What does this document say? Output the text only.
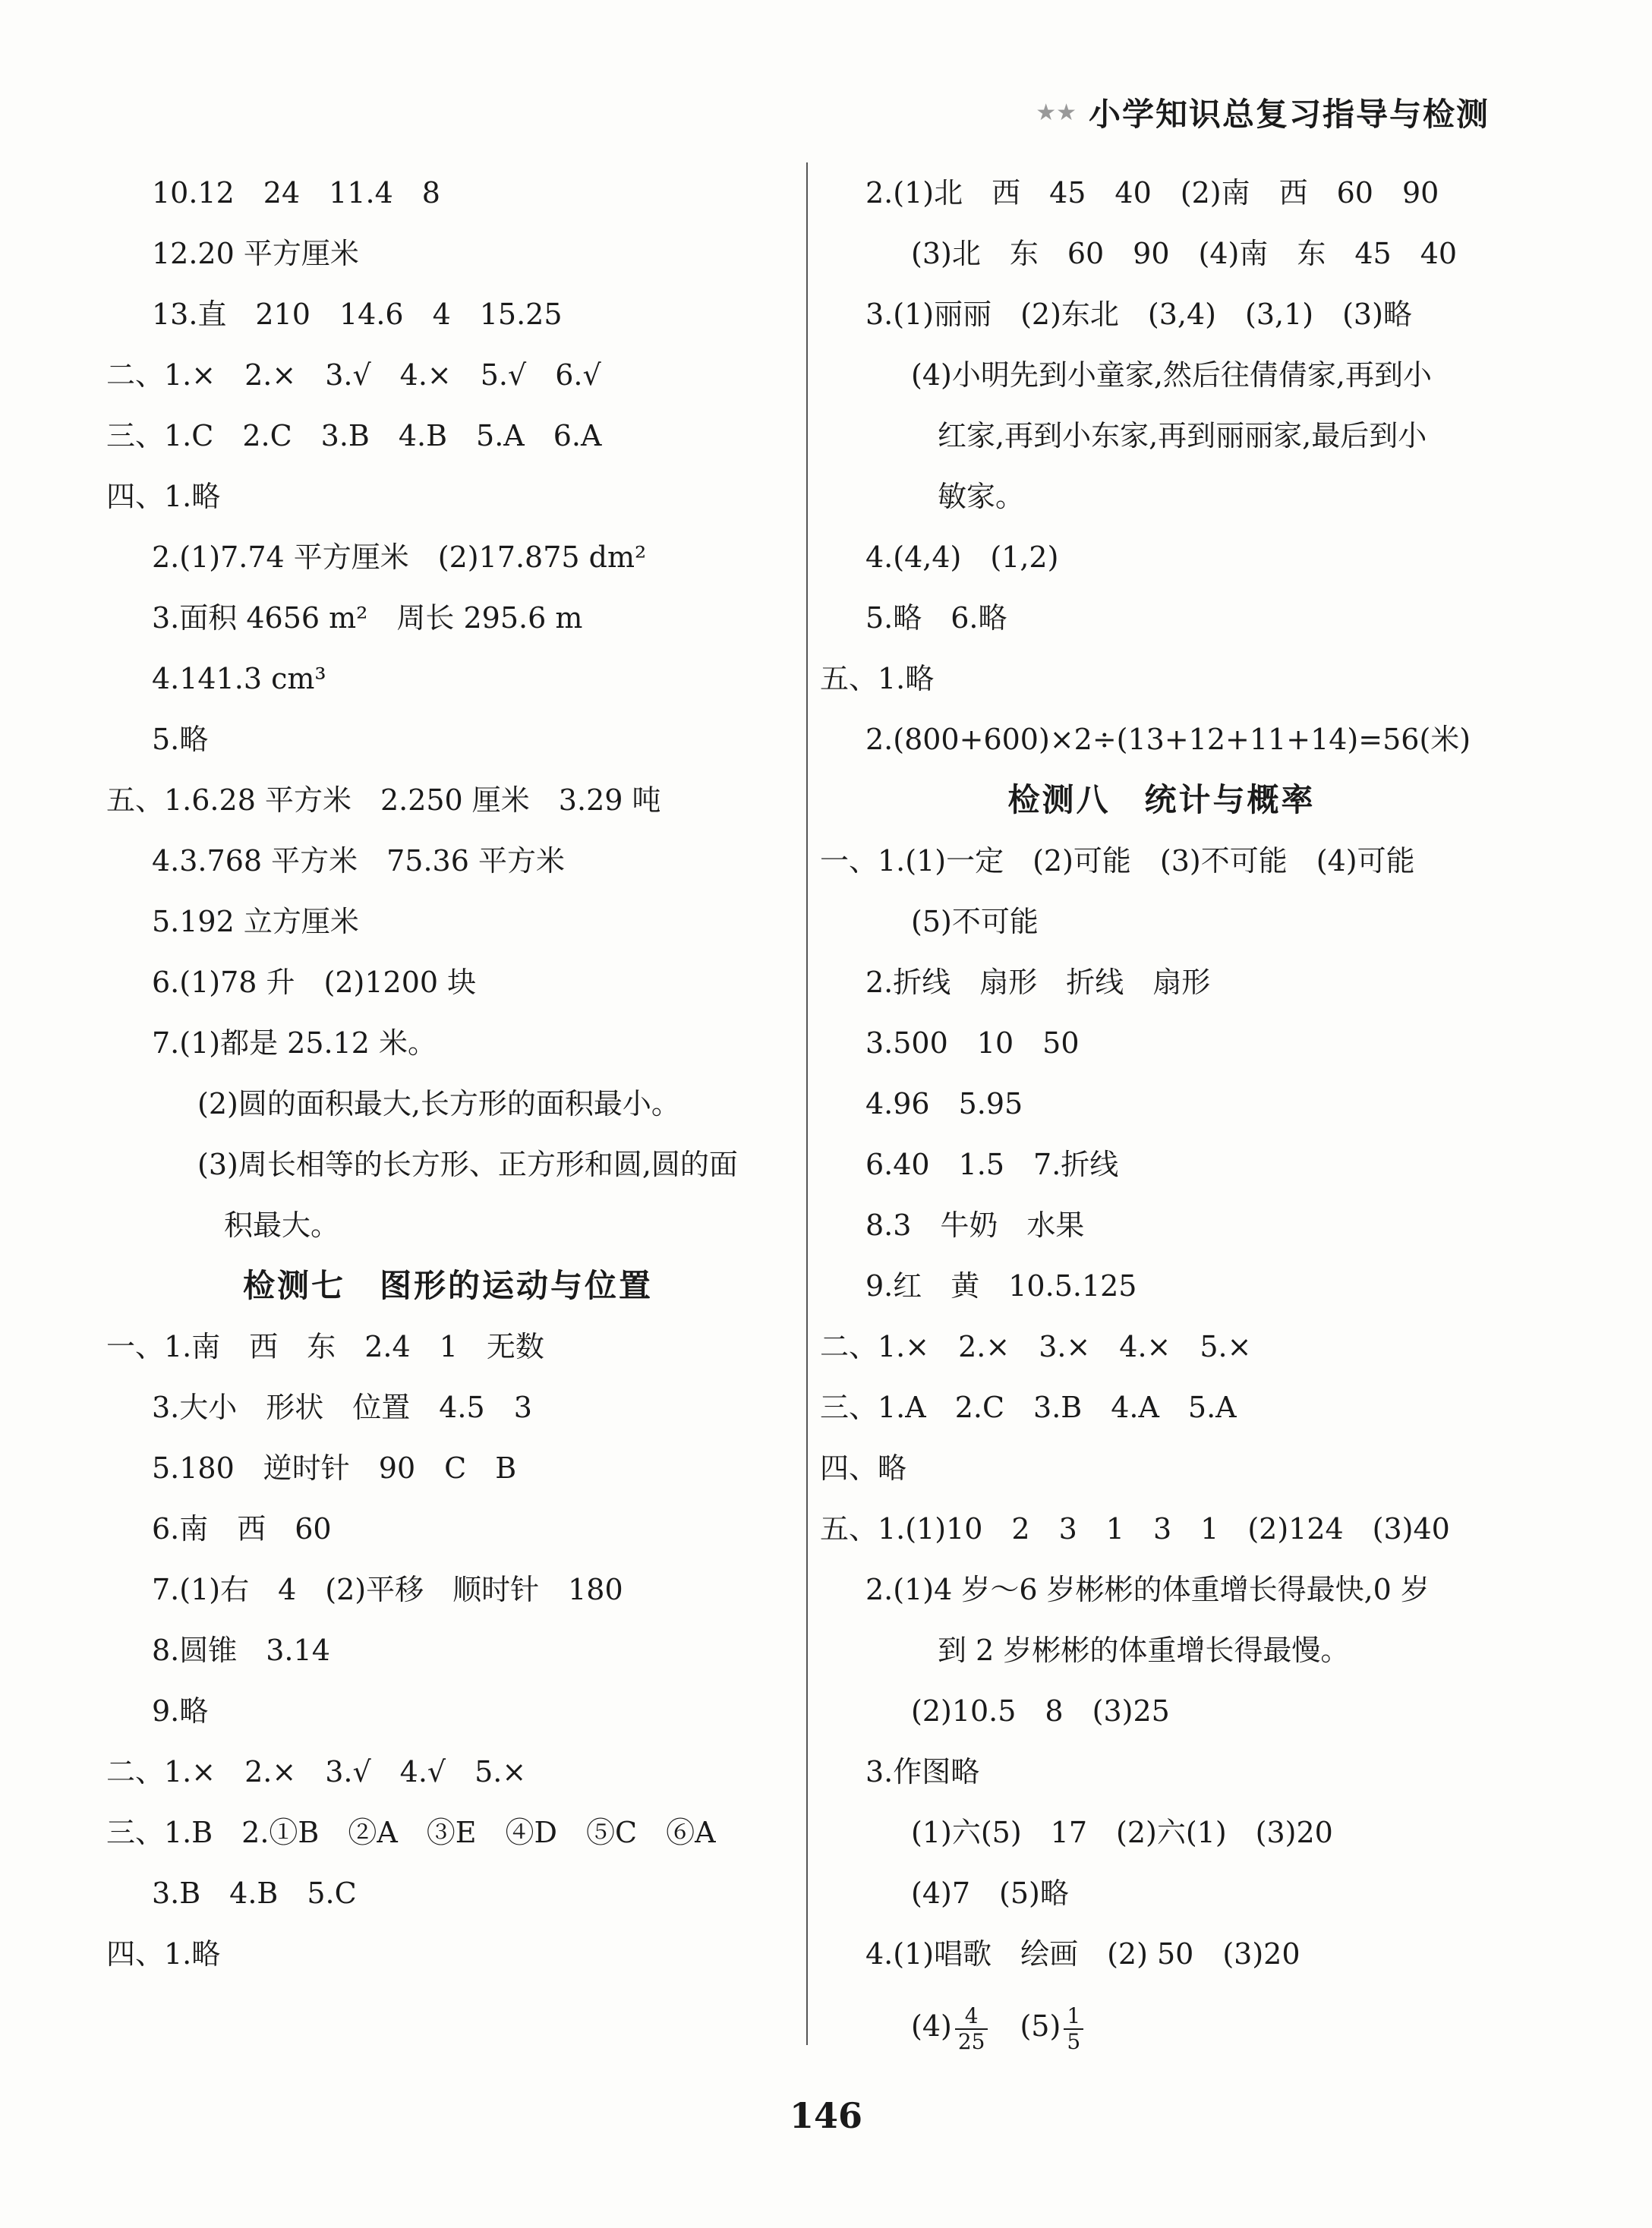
★★ 小学知识总复习指导与检测
10.12　24　11.4　8
12.20 平方厘米
13.直　210　14.6　4　15.25
二、1.×　2.×　3.√　4.×　5.√　6.√
三、1.C　2.C　3.B　4.B　5.A　6.A
四、1.略
2.(1)7.74 平方厘米　(2)17.875 dm²
3.面积 4656 m²　周长 295.6 m
4.141.3 cm³
5.略
五、1.6.28 平方米　2.250 厘米　3.29 吨
4.3.768 平方米　75.36 平方米
5.192 立方厘米
6.(1)78 升　(2)1200 块
7.(1)都是 25.12 米。
(2)圆的面积最大,长方形的面积最小。
(3)周长相等的长方形、正方形和圆,圆的面
积最大。
检测七　图形的运动与位置
一、1.南　西　东　2.4　1　无数
3.大小　形状　位置　4.5　3
5.180　逆时针　90　C　B
6.南　西　60
7.(1)右　4　(2)平移　顺时针　180
8.圆锥　3.14
9.略
二、1.×　2.×　3.√　4.√　5.×
三、1.B　2.①B　②A　③E　④D　⑤C　⑥A
3.B　4.B　5.C
四、1.略
2.(1)北　西　45　40　(2)南　西　60　90
(3)北　东　60　90　(4)南　东　45　40
3.(1)丽丽　(2)东北　(3,4)　(3,1)　(3)略
(4)小明先到小童家,然后往倩倩家,再到小
红家,再到小东家,再到丽丽家,最后到小
敏家。
4.(4,4)　(1,2)
5.略　6.略
五、1.略
2.(800+600)×2÷(13+12+11+14)=56(米)
检测八　统计与概率
一、1.(1)一定　(2)可能　(3)不可能　(4)可能
(5)不可能
2.折线　扇形　折线　扇形
3.500　10　50
4.96　5.95
6.40　1.5　7.折线
8.3　牛奶　水果
9.红　黄　10.5.125
二、1.×　2.×　3.×　4.×　5.×
三、1.A　2.C　3.B　4.A　5.A
四、略
五、1.(1)10　2　3　1　3　1　(2)124　(3)40
2.(1)4 岁～6 岁彬彬的体重增长得最快,0 岁
到 2 岁彬彬的体重增长得最慢。
(2)10.5　8　(3)25
3.作图略
(1)六(5)　17　(2)六(1)　(3)20
(4)7　(5)略
4.(1)唱歌　绘画　(2) 50　(3)20
$(4) \frac{4}{25}$
　 $(5) \frac{1}{5}$
146
